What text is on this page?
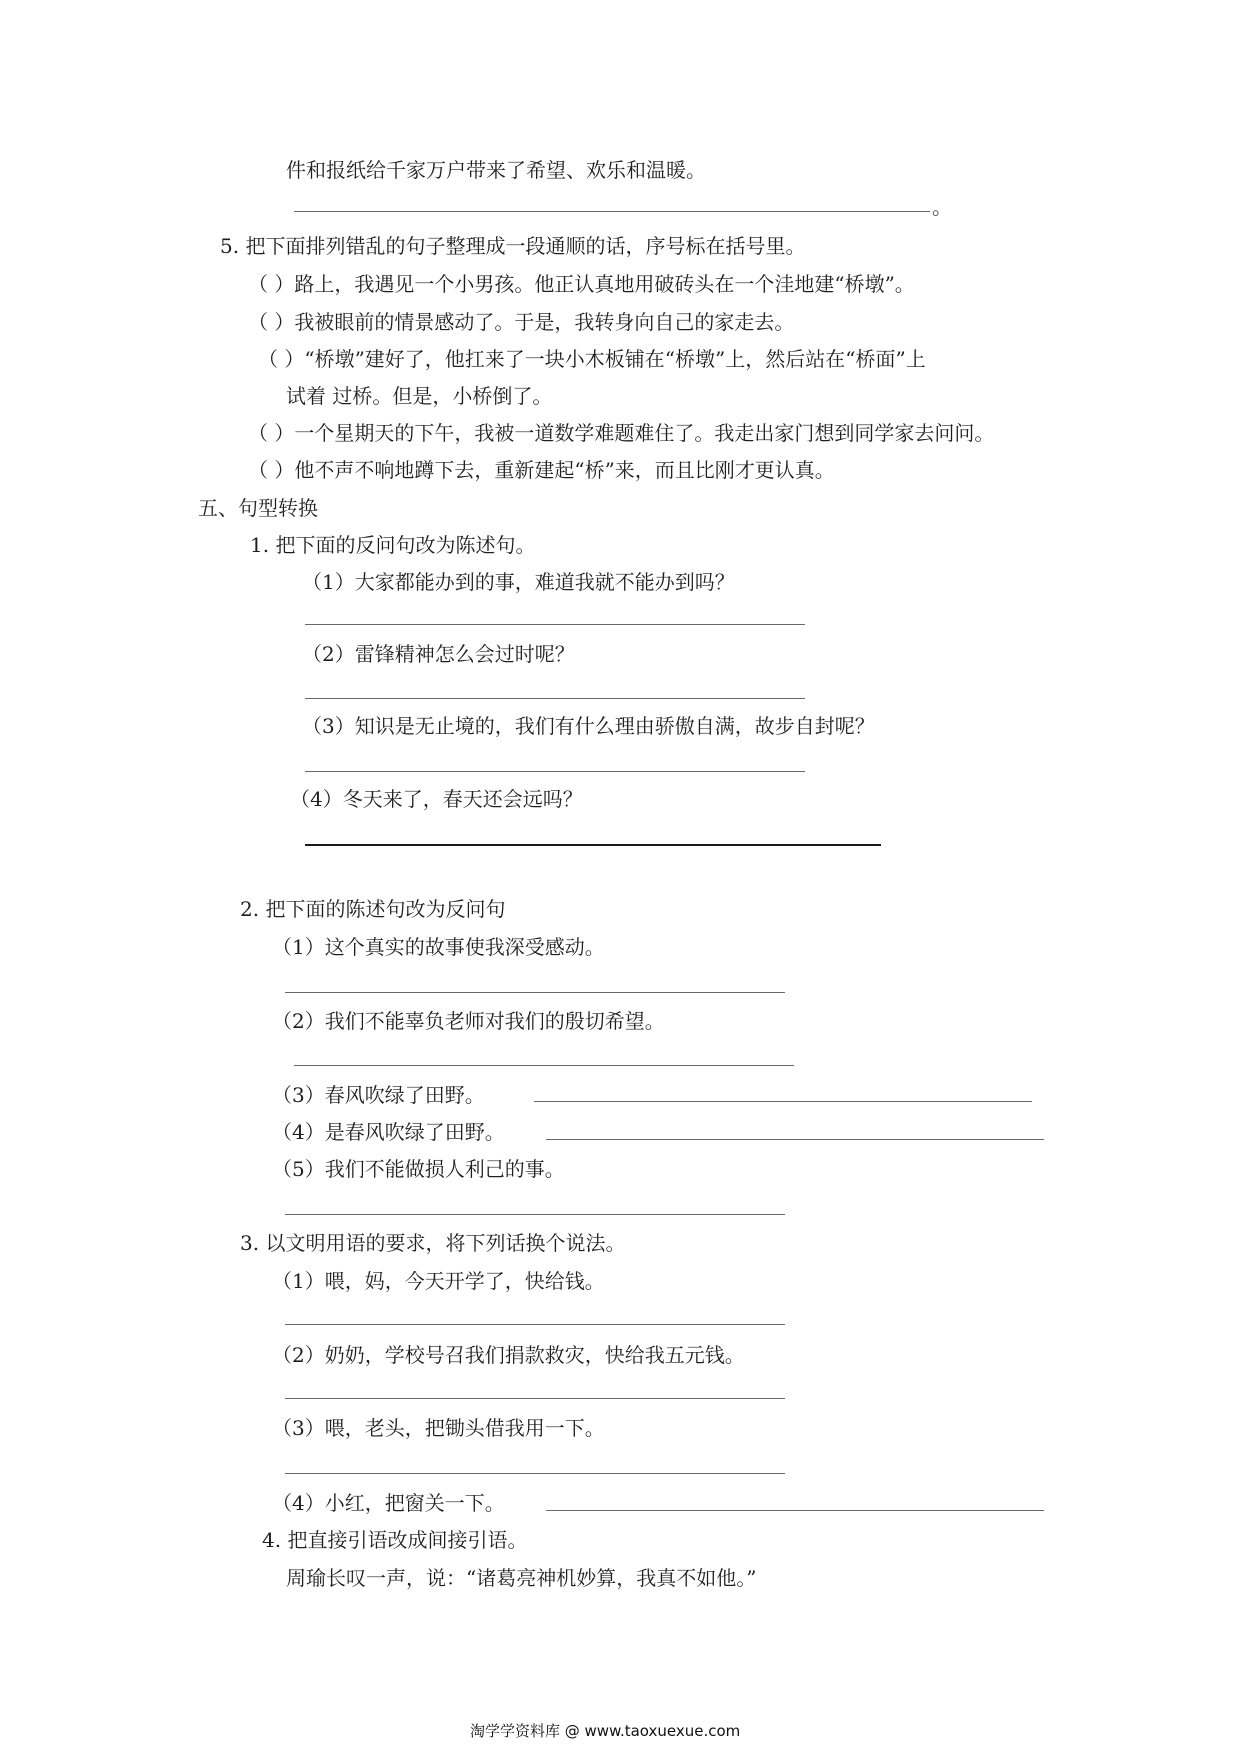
件和报纸给千家万户带来了希望、欢乐和温暖。
。
5. 把下面排列错乱的句子整理成一段通顺的话，序号标在括号里。
（ ）路上，我遇见一个小男孩。他正认真地用破砖头在一个洼地建“桥墩”。
（ ）我被眼前的情景感动了。于是，我转身向自己的家走去。
（ ）“桥墩”建好了，他扛来了一块小木板铺在“桥墩”上，然后站在“桥面”上
试着 过桥。但是，小桥倒了。
（ ）一个星期天的下午，我被一道数学难题难住了。我走出家门想到同学家去问问。
（ ）他不声不响地蹲下去，重新建起“桥”来，而且比刚才更认真。
五、句型转换
1. 把下面的反问句改为陈述句。
（1）大家都能办到的事，难道我就不能办到吗？
（2）雷锋精神怎么会过时呢？
（3）知识是无止境的，我们有什么理由骄傲自满，故步自封呢？
（4）冬天来了，春天还会远吗？
2. 把下面的陈述句改为反问句
（1）这个真实的故事使我深受感动。
（2）我们不能辜负老师对我们的殷切希望。
（3）春风吹绿了田野。
（4）是春风吹绿了田野。
（5）我们不能做损人利己的事。
3. 以文明用语的要求，将下列话换个说法。
（1）喂，妈，今天开学了，快给钱。
（2）奶奶，学校号召我们捐款救灾，快给我五元钱。
（3）喂，老头，把锄头借我用一下。
（4）小红，把窗关一下。
4. 把直接引语改成间接引语。
周瑜长叹一声，说：“诸葛亮神机妙算，我真不如他。”
淘学学资料库 @ www.taoxuexue.com
